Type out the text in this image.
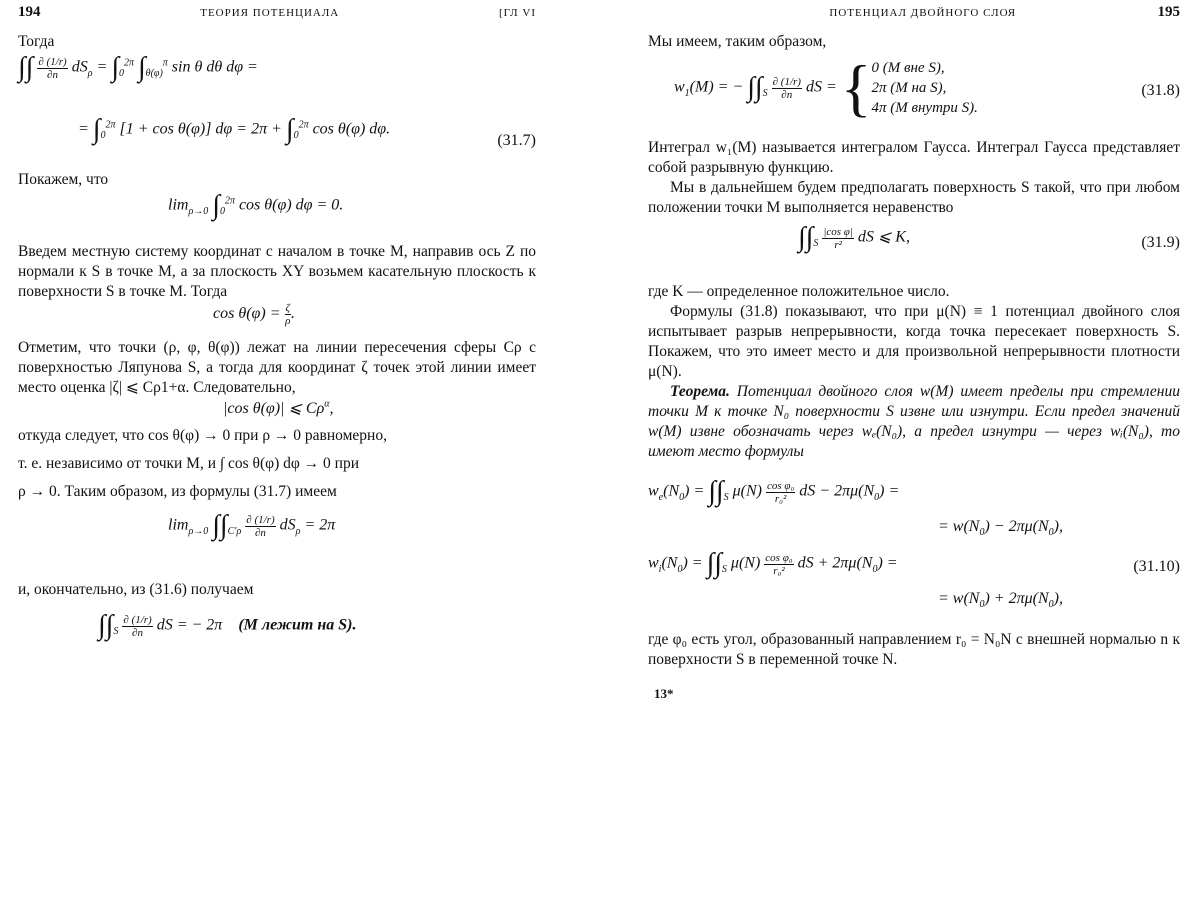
194	ТЕОРИЯ ПОТЕНЦИАЛА	[ГЛ VI

Тогда

∫∫ $\frac{\partial (1/r)}{\partial n} dS_\rho = \int_0^{2\pi}$ $\int_{\theta(\varphi)}^\pi$ sin θ dθ dφ =
= $\int_0^{2\pi}$ [1 + cos θ(φ)] $d\varphi = 2\pi + \int_0^{2\pi}$ cos θ(φ) dφ.
(31.7)

Покажем, что

$\lim_{\rho\to 0} \int_0^{2\pi}$ cos θ(φ) dφ = 0.

Введем местную систему координат с началом в точке M, направив ось Z по нормали к S в точке M, а за плоскость XY возьмем касательную плоскость к поверхности S в точке M. Тогда

$\cos \theta(\varphi) = \frac{\zeta}{\rho}$ .

Отметим, что точки (ρ, φ, θ(φ)) лежат на линии пересечения сферы Cρ с поверхностью Ляпунова S, а тогда для координат ζ точек этой линии имеет место оценка |ζ| ⩽ Cρ1+α. Следовательно,

|cos θ(φ)| ⩽ $C\rho^\alpha$,

откуда следует, что cos θ(φ) → 0 при ρ → 0 равномерно,

т. е. независимо от точки M, и ∫ cos θ(φ) dφ → 0 при

ρ → 0. Таким образом, из формулы (31.7) имеем

$\lim_{\rho\to 0} \int\int_{C'\rho} \frac{\partial (1/r)}{\partial n} dS_\rho = 2\pi$

и, окончательно, из (31.6) получаем

$\int\int_S \frac{\partial (1/r)}{\partial n}$ dS = − 2π    (M лежит на S).
ПОТЕНЦИАЛ ДВОЙНОГО СЛОЯ	195

Мы имеем, таким образом,

$w_1(M)$ = − $\int\int_S \frac{\partial (1/r)}{\partial n}$ dS = { 0 (M вне S),
2π (M на S),
4π (M внутри S).
(31.8)

Интеграл w₁(M) называется интегралом Гаусса. Интеграл Гаусса представляет собой разрывную функцию.

Мы в дальнейшем будем предполагать поверхность S такой, что при любом положении точки M выполняется неравенство

$\int\int_S \frac{\text{|cos φ|}}{\text{r²}}$ dS ⩽ K,	(31.9)

где K — определенное положительное число.

Формулы (31.8) показывают, что при μ(N) ≡ 1 потенциал двойного слоя испытывает разрыв непрерывности, когда точка пересекает поверхность S. Покажем, что это имеет место и для произвольной непрерывности плотности μ(N).

Теорема. Потенциал двойного слоя w(M) имеет пределы при стремлении точки M к точке N₀ поверхности S извне или изнутри. Если предел значений w(M) извне обозначать через wₑ(N₀), а предел изнутри — через wᵢ(N₀), то имеют место формулы

$w_e(N_0) = \int\int_S$ $\mu(N) \frac{\text{cos φ₀}}{\text{r₀²}}$ dS − $2\pi\mu(N_0)$ =
= $w(N_0) - 2\pi\mu(N_0)$,
$w_i(N_0) = \int\int_S$ $\mu(N) \frac{\text{cos φ₀}}{\text{r₀²}}$ dS + $2\pi\mu(N_0)$ =	(31.10)
= $w(N_0) + 2\pi\mu(N_0)$,

где φ₀ есть угол, образованный направлением r₀ = N₀N с внешней нормалью n к поверхности S в переменной точке N.

13*
